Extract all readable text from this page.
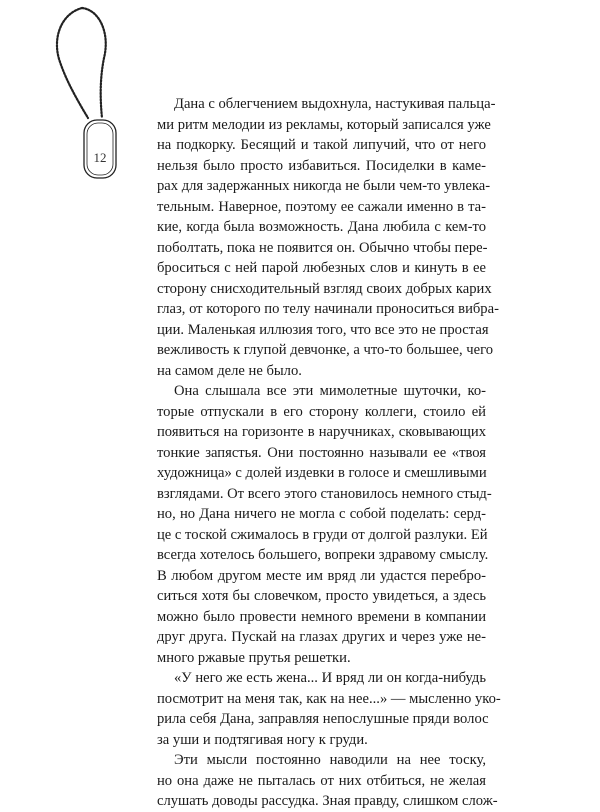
12

Дана с облегчением выдохнула, настукивая пальца-
ми ритм мелодии из рекламы, который записался уже
на подкорку. Бесящий и такой липучий, что от него
нельзя было просто избавиться. Посиделки в каме-
рах для задержанных никогда не были чем-то увлека-
тельным. Наверное, поэтому ее сажали именно в та-
кие, когда была возможность. Дана любила с кем-то
поболтать, пока не появится он. Обычно чтобы пере-
броситься с ней парой любезных слов и кинуть в ее
сторону снисходительный взгляд своих добрых карих
глаз, от которого по телу начинали проноситься вибра-
ции. Маленькая иллюзия того, что все это не простая
вежливость к глупой девчонке, а что-то большее, чего
на самом деле не было.

Она слышала все эти мимолетные шуточки, ко-
торые отпускали в его сторону коллеги, стоило ей
появиться на горизонте в наручниках, сковывающих
тонкие запястья. Они постоянно называли ее «твоя
художница» с долей издевки в голосе и смешливыми
взглядами. От всего этого становилось немного стыд-
но, но Дана ничего не могла с собой поделать: серд-
це с тоской сжималось в груди от долгой разлуки. Ей
всегда хотелось большего, вопреки здравому смыслу.
В любом другом месте им вряд ли удастся перебро-
ситься хотя бы словечком, просто увидеться, а здесь
можно было провести немного времени в компании
друг друга. Пускай на глазах других и через уже не-
много ржавые прутья решетки.

«У него же есть жена... И вряд ли он когда-нибудь
посмотрит на меня так, как на нее...» — мысленно уко-
рила себя Дана, заправляя непослушные пряди волос
за уши и подтягивая ногу к груди.

Эти мысли постоянно наводили на нее тоску,
но она даже не пыталась от них отбиться, не желая
слушать доводы рассудка. Зная правду, слишком слож-
